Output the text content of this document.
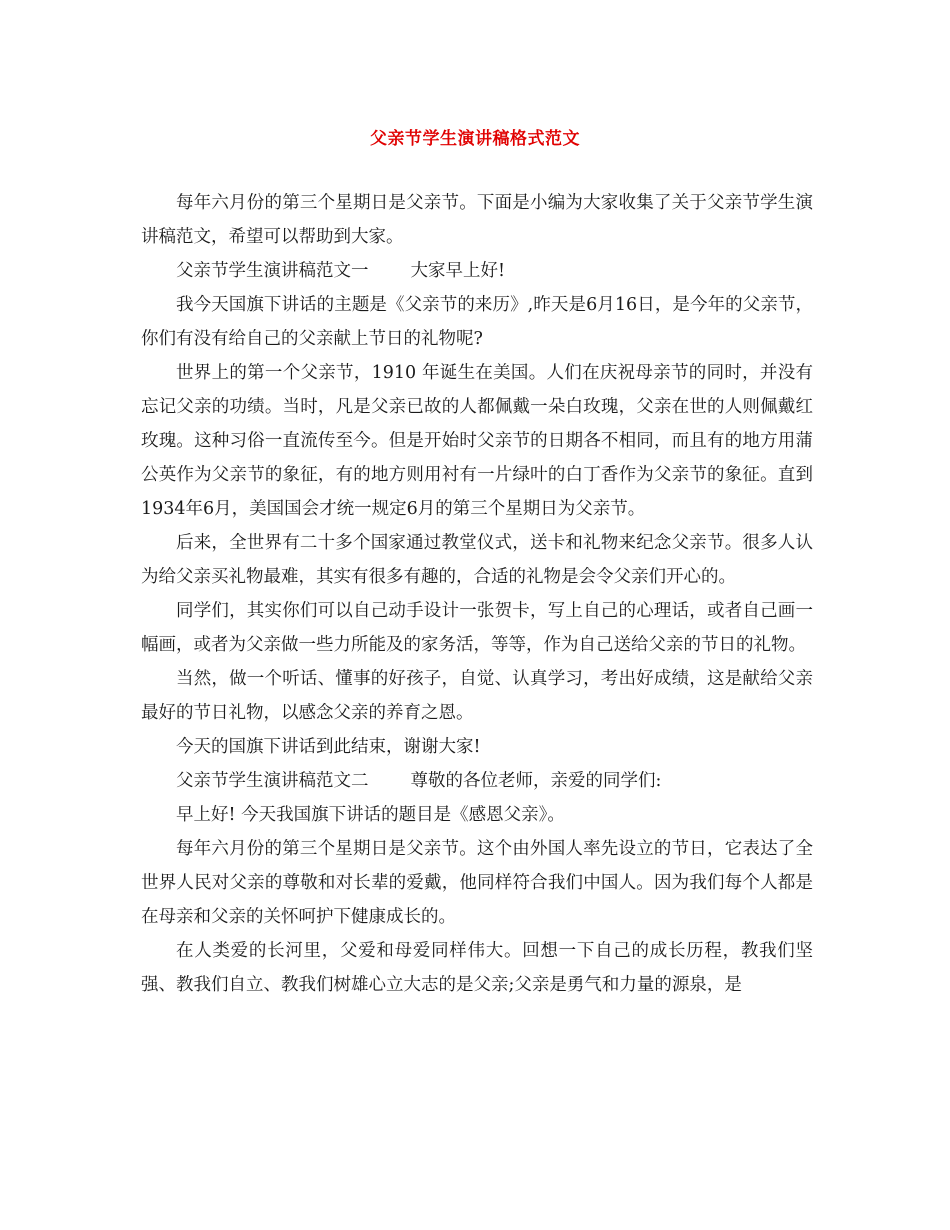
父亲节学生演讲稿格式范文

每年六月份的第三个星期日是父亲节。下面是小编为大家收集了关于父亲节学生演讲稿范文，希望可以帮助到大家。

父亲节学生演讲稿范文一 大家早上好!

我今天国旗下讲话的主题是《父亲节的来历》,昨天是6月16日，是今年的父亲节，你们有没有给自己的父亲献上节日的礼物呢?

世界上的第一个父亲节，1910 年诞生在美国。人们在庆祝母亲节的同时，并没有忘记父亲的功绩。当时，凡是父亲已故的人都佩戴一朵白玫瑰，父亲在世的人则佩戴红玫瑰。这种习俗一直流传至今。但是开始时父亲节的日期各不相同，而且有的地方用蒲公英作为父亲节的象征，有的地方则用衬有一片绿叶的白丁香作为父亲节的象征。直到1934年6月，美国国会才统一规定6月的第三个星期日为父亲节。

后来，全世界有二十多个国家通过教堂仪式，送卡和礼物来纪念父亲节。很多人认为给父亲买礼物最难，其实有很多有趣的，合适的礼物是会令父亲们开心的。

同学们，其实你们可以自己动手设计一张贺卡，写上自己的心理话，或者自己画一幅画，或者为父亲做一些力所能及的家务活，等等，作为自己送给父亲的节日的礼物。

当然，做一个听话、懂事的好孩子，自觉、认真学习，考出好成绩，这是献给父亲最好的节日礼物，以感念父亲的养育之恩。

今天的国旗下讲话到此结束，谢谢大家!

父亲节学生演讲稿范文二 尊敬的各位老师，亲爱的同学们:

早上好! 今天我国旗下讲话的题目是《感恩父亲》。

每年六月份的第三个星期日是父亲节。这个由外国人率先设立的节日，它表达了全世界人民对父亲的尊敬和对长辈的爱戴，他同样符合我们中国人。因为我们每个人都是在母亲和父亲的关怀呵护下健康成长的。

在人类爱的长河里，父爱和母爱同样伟大。回想一下自己的成长历程，教我们坚强、教我们自立、教我们树雄心立大志的是父亲;父亲是勇气和力量的源泉，是
